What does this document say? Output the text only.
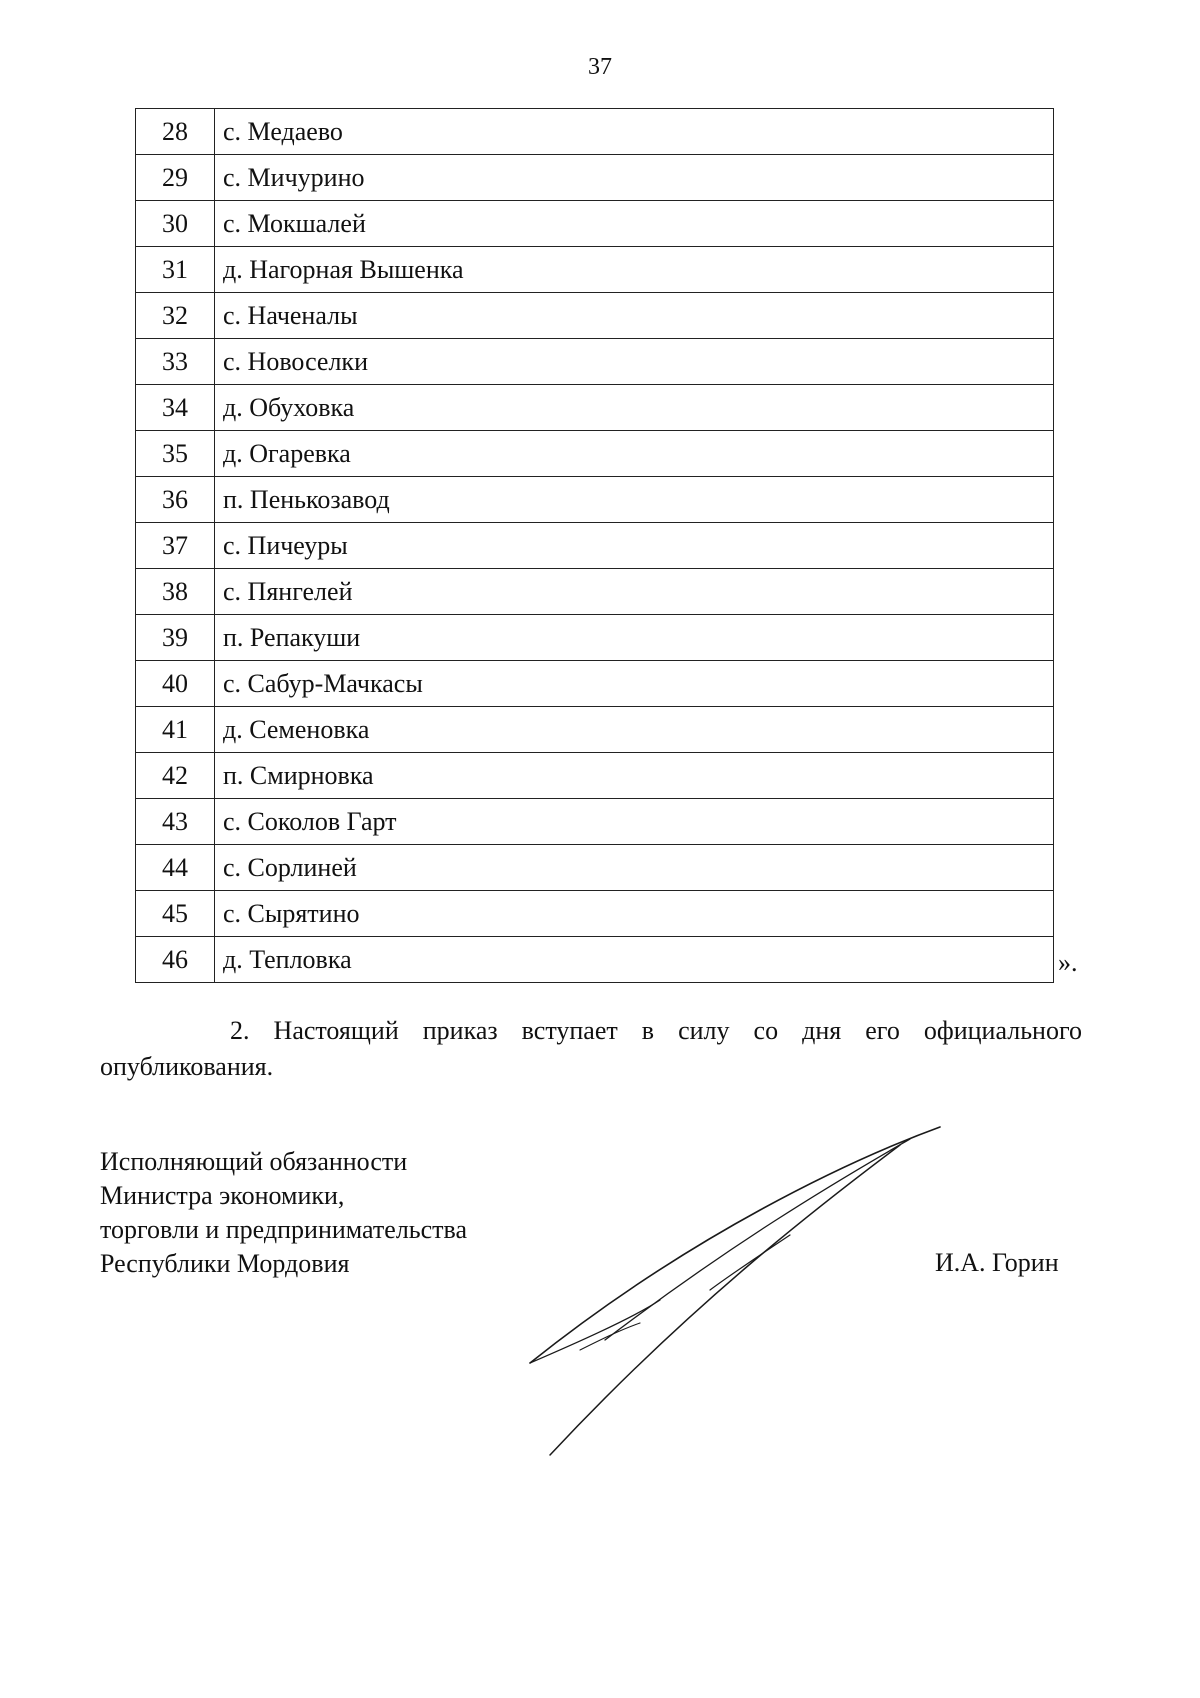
37
28	с. Медаево
29	с. Мичурино
30	с. Мокшалей
31	д. Нагорная Вышенка
32	с. Наченалы
33	с. Новоселки
34	д. Обуховка
35	д. Огаревка
36	п. Пенькозавод
37	с. Пичеуры
38	с. Пянгелей
39	п. Репакуши
40	с. Сабур-Мачкасы
41	д. Семеновка
42	п. Смирновка
43	с. Соколов Гарт
44	с. Сорлиней
45	с. Сырятино
46	д. Тепловка	».
2. Настоящий приказ вступает в силу со дня его официального опубликования.
Исполняющий обязанности
Министра экономики,
торговли и предпринимательства
Республики Мордовия	И.А. Горин
